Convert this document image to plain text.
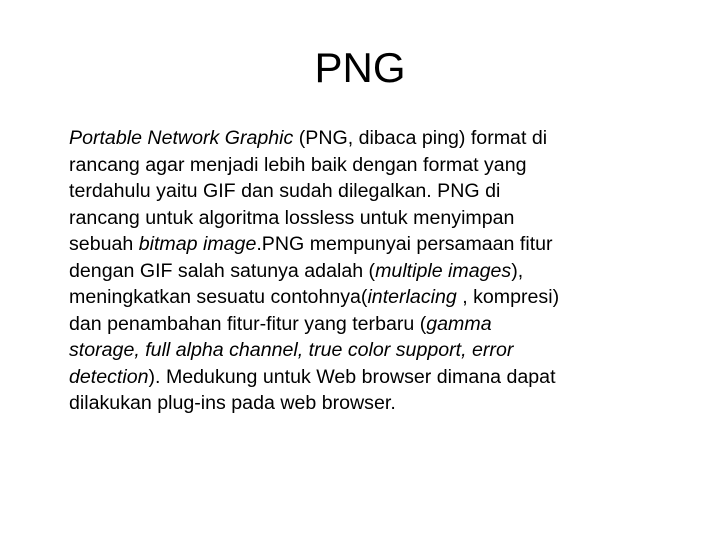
PNG

Portable Network Graphic (PNG, dibaca ping) format di
rancang agar menjadi lebih baik dengan format yang
terdahulu yaitu GIF dan sudah dilegalkan. PNG di
rancang untuk algoritma lossless untuk menyimpan
sebuah bitmap image.PNG mempunyai persamaan fitur
dengan GIF salah satunya adalah (multiple images),
meningkatkan sesuatu contohnya(interlacing , kompresi)
dan penambahan fitur-fitur yang terbaru (gamma
storage, full alpha channel, true color support, error
detection). Medukung untuk Web browser dimana dapat
dilakukan plug-ins pada web browser.
